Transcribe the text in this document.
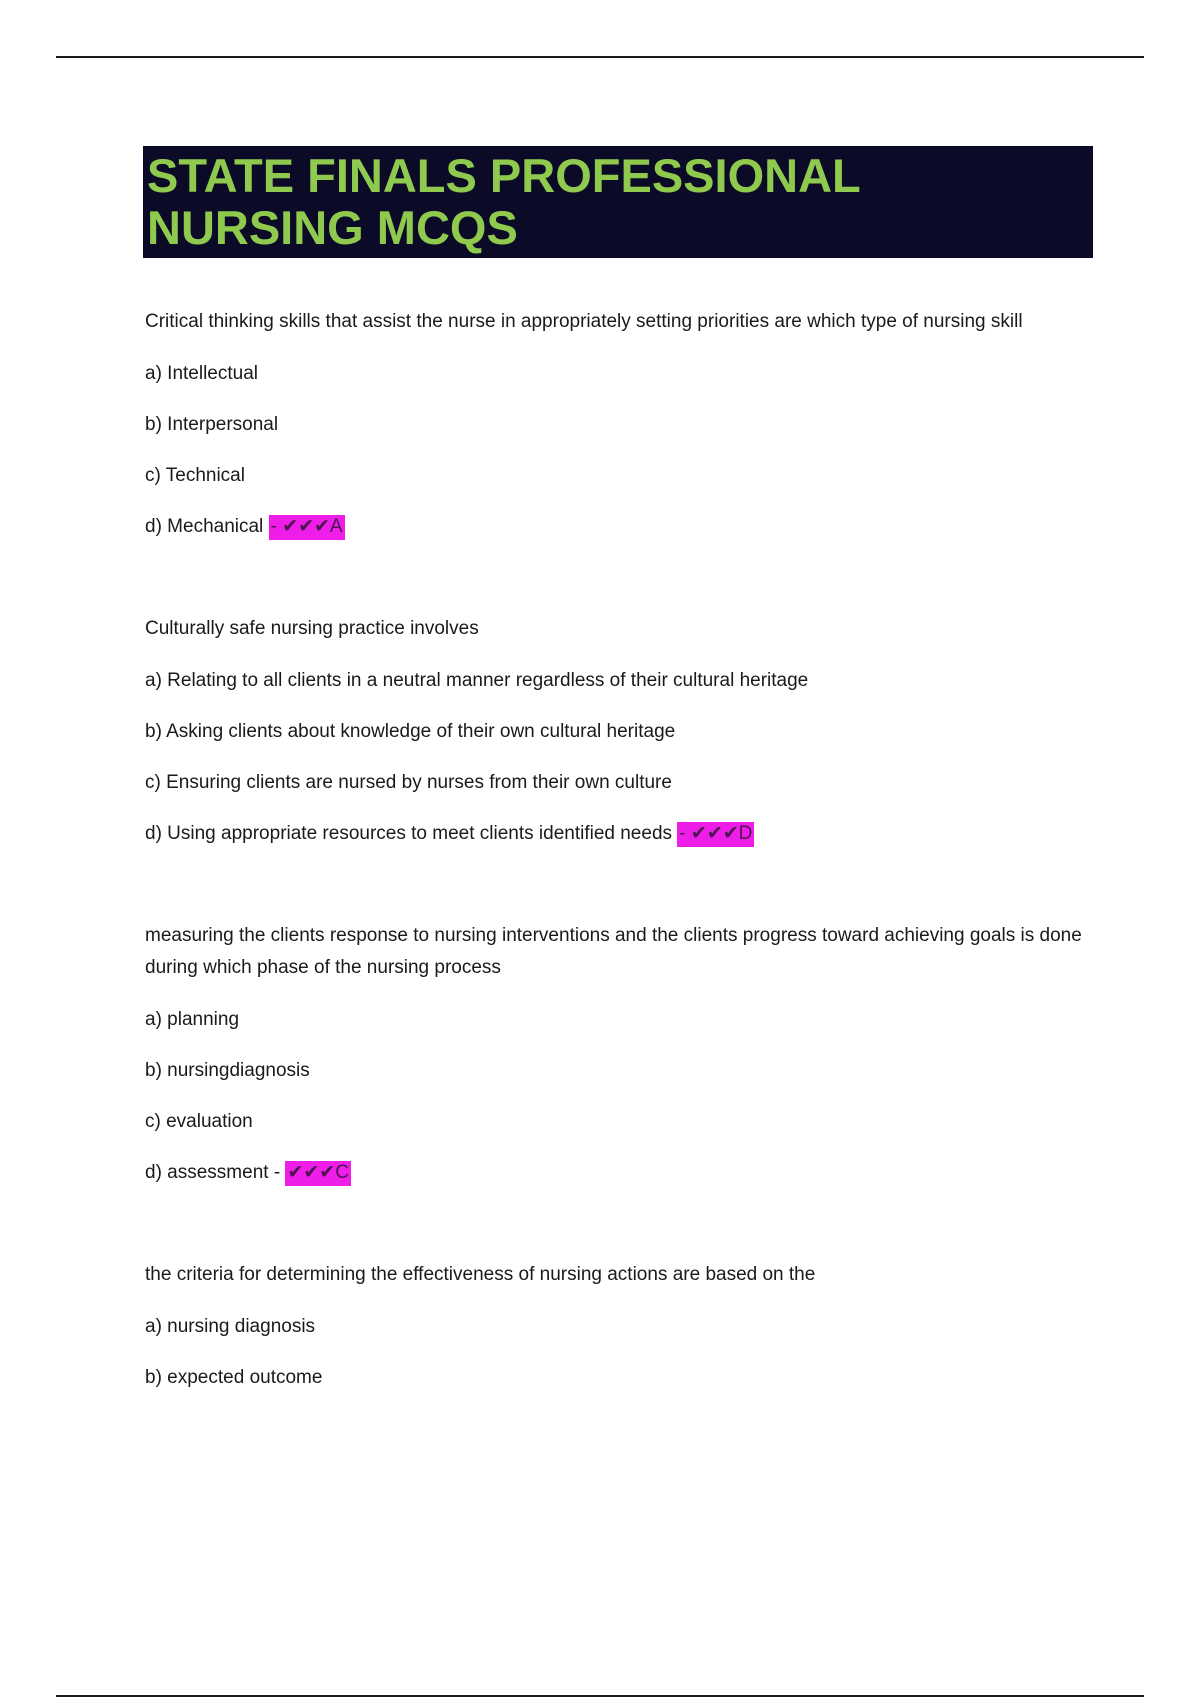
STATE FINALS PROFESSIONAL
NURSING MCQS

Critical thinking skills that assist the nurse in appropriately setting priorities are which type of nursing skill

a) Intellectual

b) Interpersonal

c) Technical

d) Mechanical - ✔✔✔A

Culturally safe nursing practice involves

a) Relating to all clients in a neutral manner regardless of their cultural heritage

b) Asking clients about knowledge of their own cultural heritage

c) Ensuring clients are nursed by nurses from their own culture

d) Using appropriate resources to meet clients identified needs - ✔✔✔D

measuring the clients response to nursing interventions and the clients progress toward achieving goals is done during which phase of the nursing process

a) planning

b) nursingdiagnosis

c) evaluation

d) assessment - ✔✔✔C

the criteria for determining the effectiveness of nursing actions are based on the

a) nursing diagnosis

b) expected outcome
